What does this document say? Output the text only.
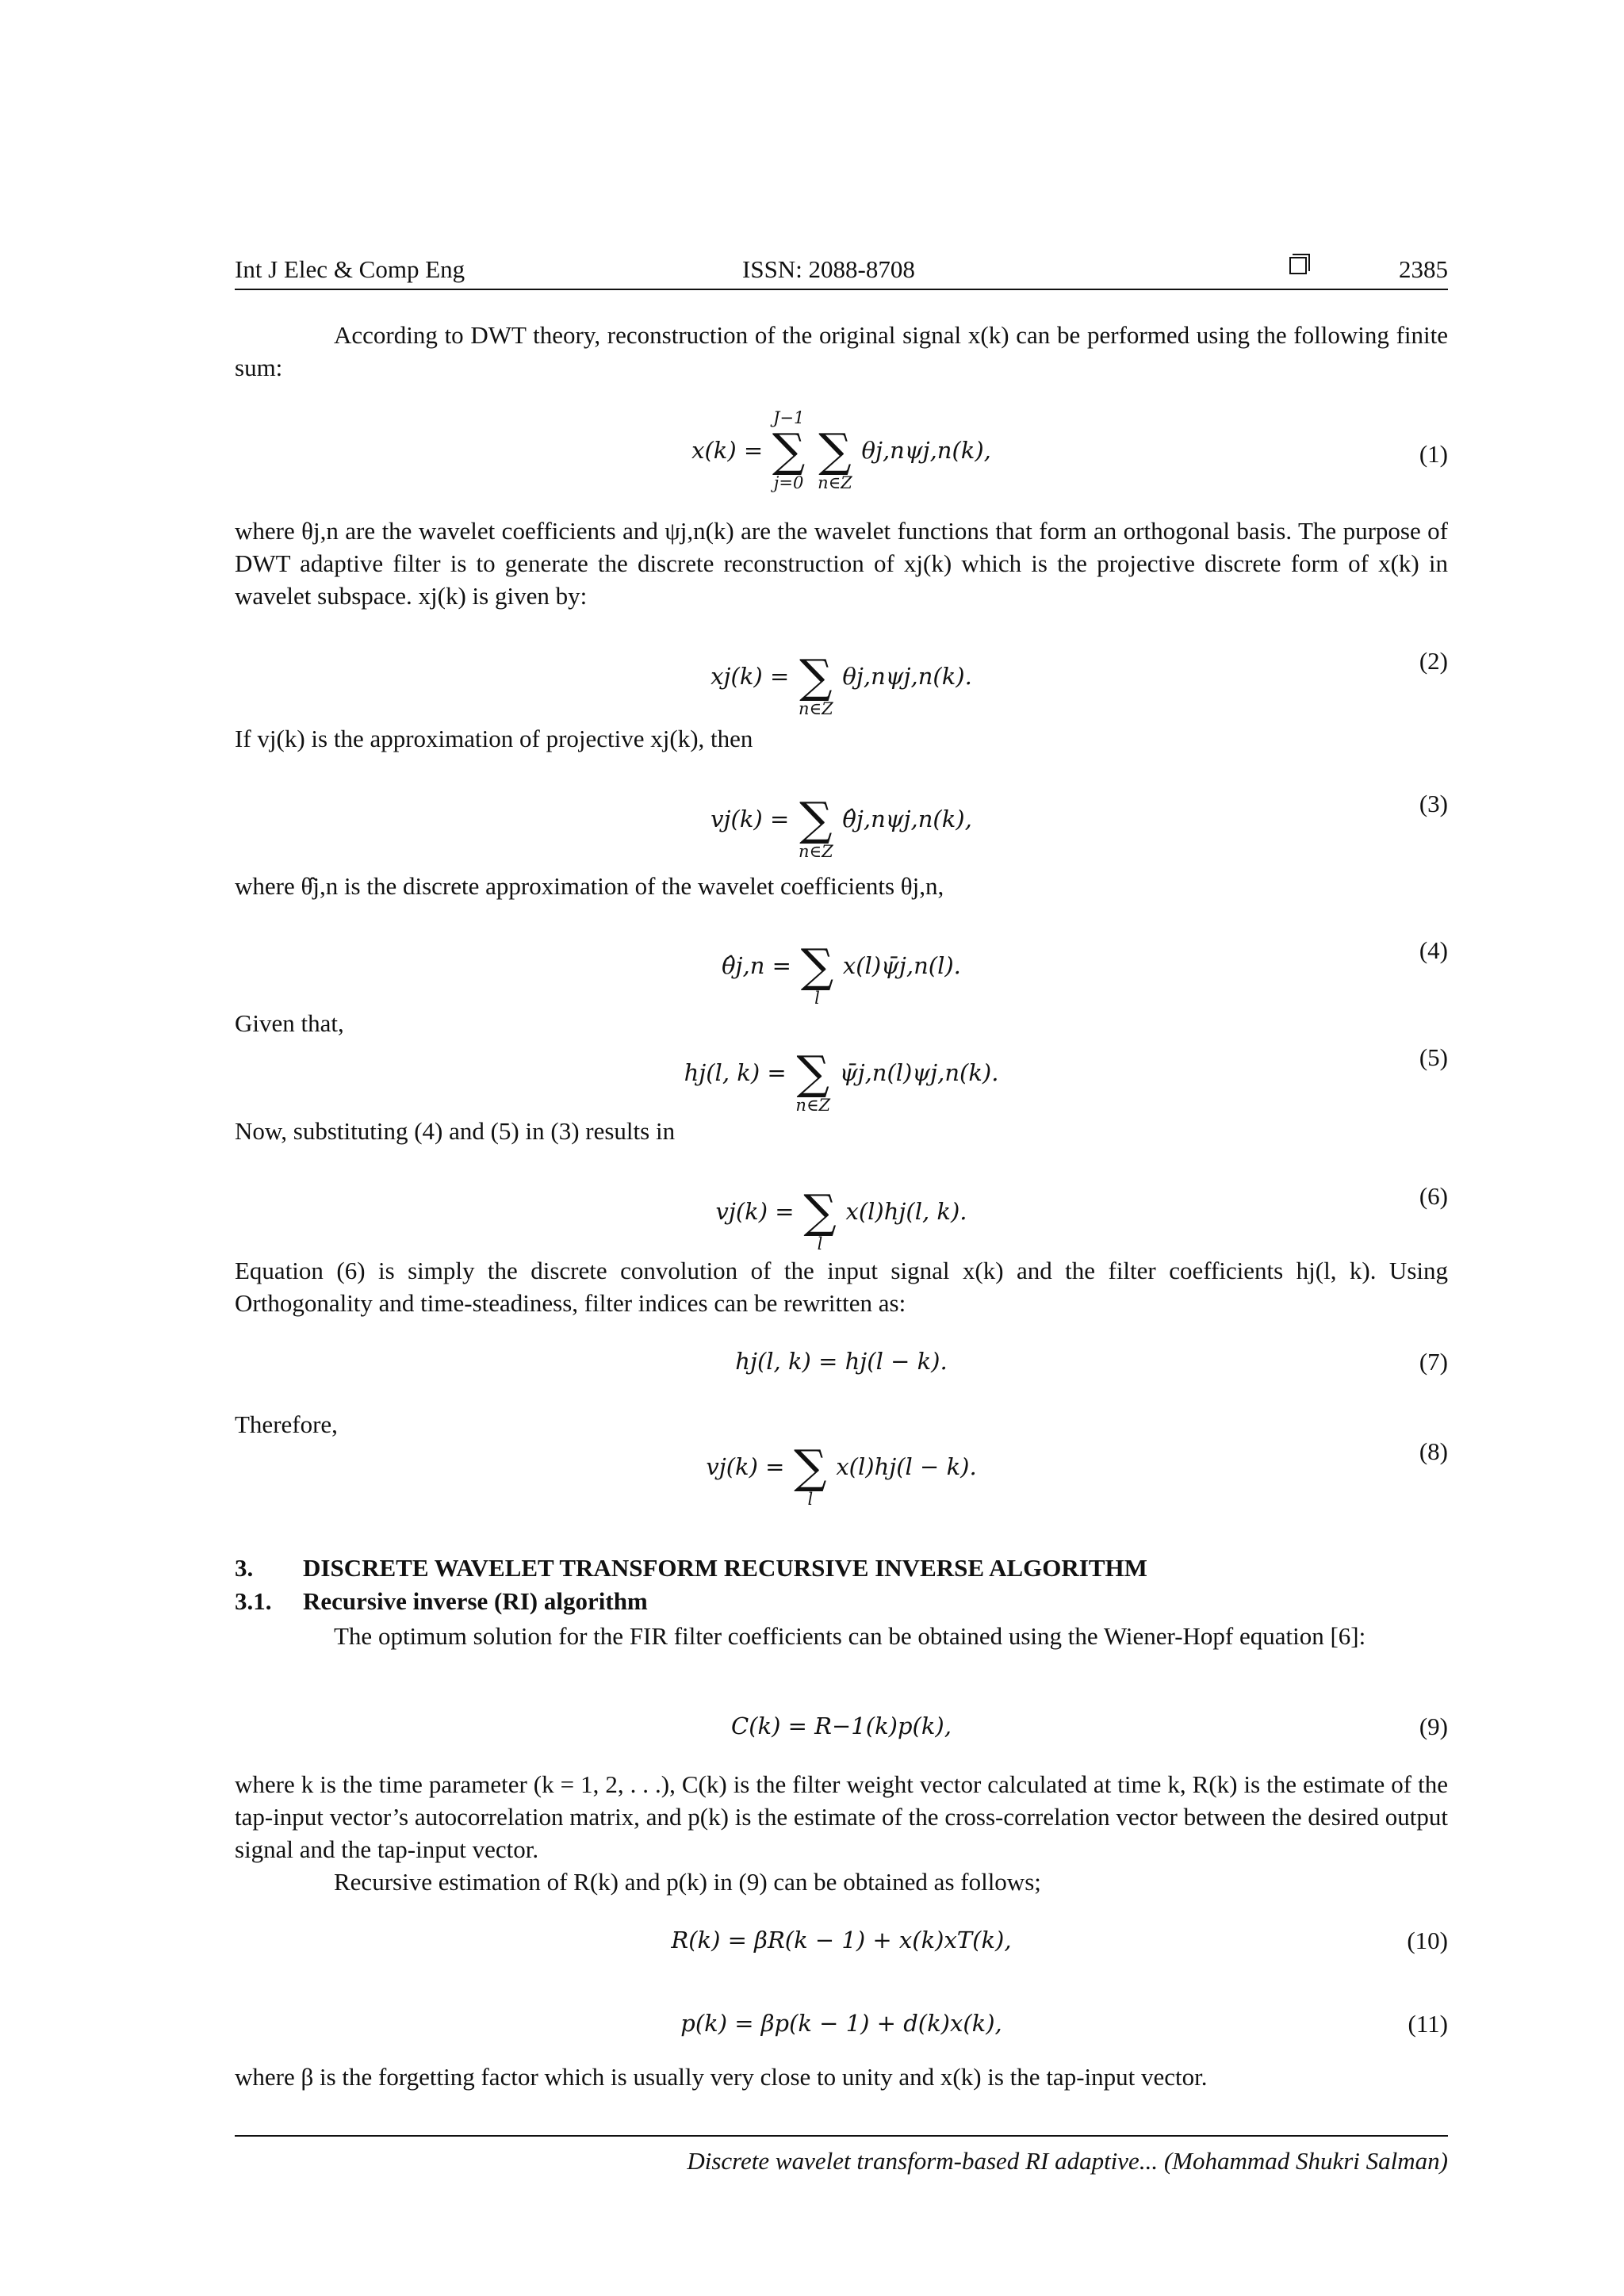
Int J Elec & Comp Eng	ISSN: 2088-8708	2385
According to DWT theory, reconstruction of the original signal x(k) can be performed using the following finite sum:
x(k) =
J−1
∑
j=0

∑
n∈Z
θj,nψj,n(k),	(1)
where θj,n are the wavelet coefficients and ψj,n(k) are the wavelet functions that form an orthogonal basis. The purpose of DWT adaptive filter is to generate the discrete reconstruction of xj(k) which is the projective discrete form of x(k) in wavelet subspace. xj(k) is given by:
xj(k) = ∑
n∈Z
θj,nψj,n(k).
(2)
If vj(k) is the approximation of projective xj(k), then
vj(k) = ∑
n∈Z
θ̂j,nψj,n(k),
(3)
where θ̂j,n is the discrete approximation of the wavelet coefficients θj,n,
θ̂j,n = ∑
l
x(l)ψ̄j,n(l).
(4)
Given that,
hj(l, k) = ∑
n∈Z
ψ̄j,n(l)ψj,n(k).
(5)
Now, substituting (4) and (5) in (3) results in
vj(k) = ∑
l
x(l)hj(l, k).
(6)
Equation (6) is simply the discrete convolution of the input signal x(k) and the filter coefficients hj(l, k). Using Orthogonality and time-steadiness, filter indices can be rewritten as:
hj(l, k) = hj(l − k).	(7)
Therefore,
vj(k) = ∑
l
x(l)hj(l − k).
(8)
3. DISCRETE WAVELET TRANSFORM RECURSIVE INVERSE ALGORITHM
3.1. Recursive inverse (RI) algorithm
The optimum solution for the FIR filter coefficients can be obtained using the Wiener-Hopf equation [6]:
C(k) = R−1(k)p(k),	(9)
where k is the time parameter (k = 1, 2, . . .), C(k) is the filter weight vector calculated at time k, R(k) is the estimate of the tap-input vector’s autocorrelation matrix, and p(k) is the estimate of the cross-correlation vector between the desired output signal and the tap-input vector.
Recursive estimation of R(k) and p(k) in (9) can be obtained as follows;
R(k) = βR(k − 1) + x(k)xT(k),	(10)
p(k) = βp(k − 1) + d(k)x(k),	(11)
where β is the forgetting factor which is usually very close to unity and x(k) is the tap-input vector.
Discrete wavelet transform-based RI adaptive... (Mohammad Shukri Salman)
